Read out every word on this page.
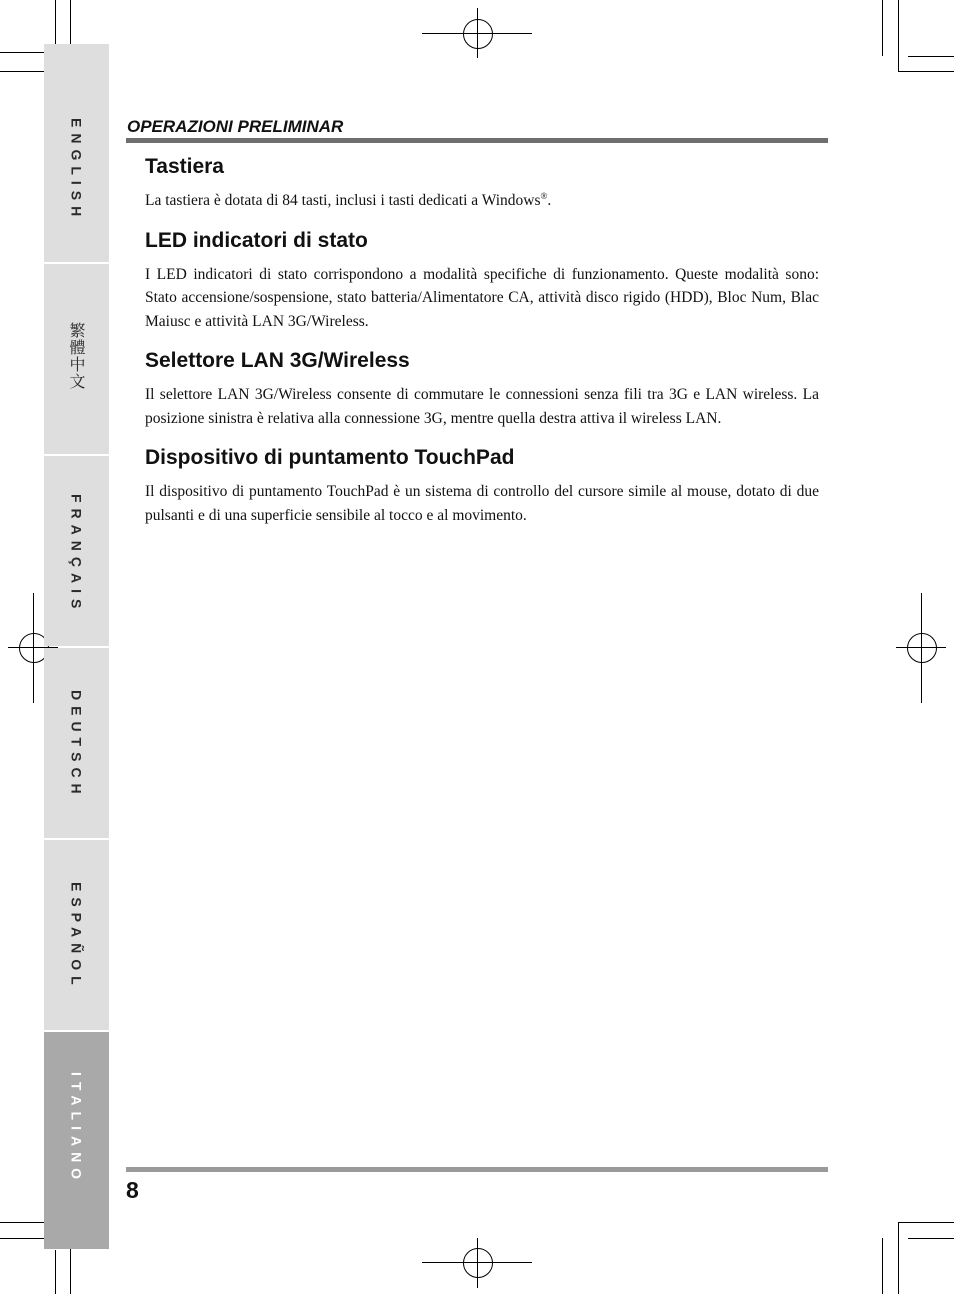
ENGLISH
繁體中文
FRANÇAIS
DEUTSCH
ESPAÑOL
ITALIANO
OPERAZIONI PRELIMINAR
Tastiera

La tastiera è dotata di 84 tasti, inclusi i tasti dedicati a Windows®.

LED indicatori di stato

I LED indicatori di stato corrispondono a modalità specifiche di funzionamento. Queste modalità sono: Stato accensione/sospensione, stato batteria/Alimentatore CA, attività disco rigido (HDD), Bloc Num, Blac Maiusc e attività LAN 3G/Wireless.

Selettore LAN 3G/Wireless

Il selettore LAN 3G/Wireless consente di commutare le connessioni senza fili tra 3G e LAN wireless. La posizione sinistra è relativa alla connessione 3G, mentre quella destra attiva il wireless LAN.

Dispositivo di puntamento TouchPad

Il dispositivo di puntamento TouchPad è un sistema di controllo del cursore simile al mouse, dotato di due pulsanti e di una superficie sensibile al tocco e al movimento.

8
